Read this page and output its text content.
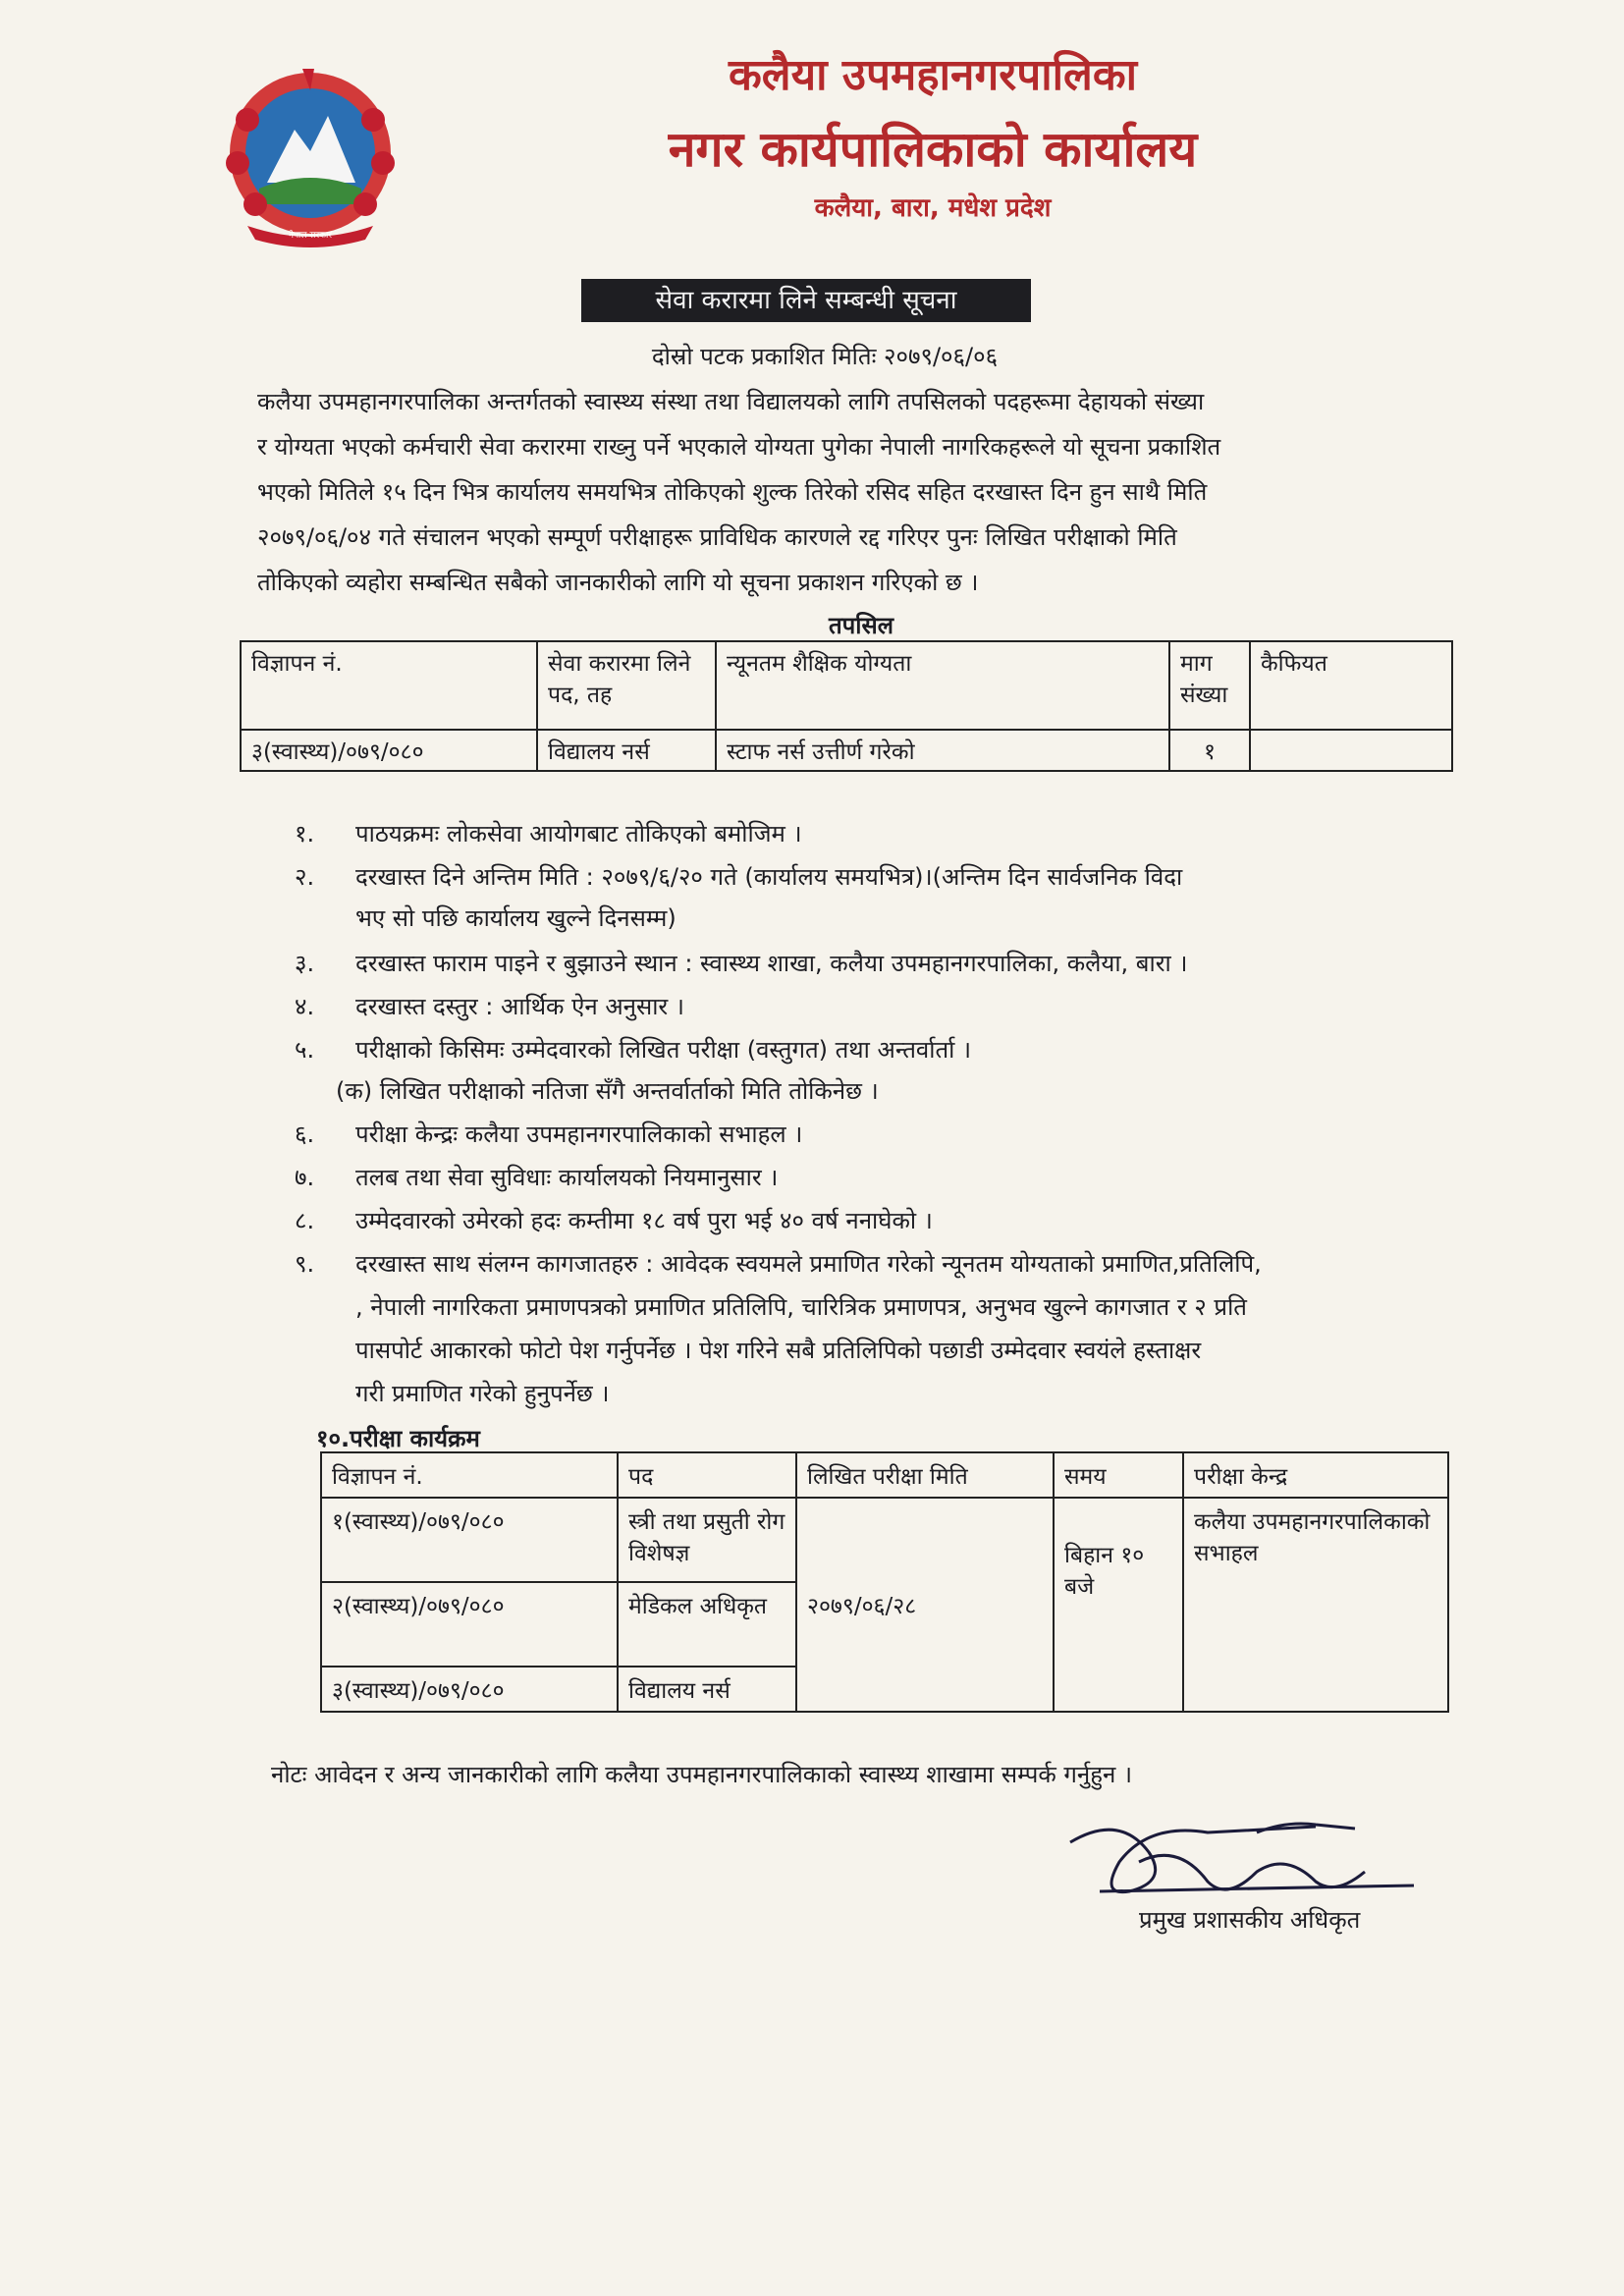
नेपाल सरकार
कलैया उपमहानगरपालिका
नगर कार्यपालिकाको कार्यालय
कलैया, बारा, मधेश प्रदेश
सेवा करारमा लिने सम्बन्धी सूचना
दोस्रो पटक प्रकाशित मितिः २०७९/०६/०६
कलैया उपमहानगरपालिका अन्तर्गतको स्वास्थ्य संस्था तथा विद्यालयको लागि तपसिलको पदहरूमा देहायको संख्या
र योग्यता भएको कर्मचारी सेवा करारमा राख्नु पर्ने भएकाले योग्यता पुगेका नेपाली नागरिकहरूले यो सूचना प्रकाशित
भएको मितिले १५ दिन भित्र कार्यालय समयभित्र तोकिएको शुल्क तिरेको रसिद सहित दरखास्त दिन हुन साथै मिति
२०७९/०६/०४ गते संचालन भएको सम्पूर्ण परीक्षाहरू प्राविधिक कारणले रद्द गरिएर पुनः लिखित परीक्षाको मिति
तोकिएको व्यहोरा सम्बन्धित सबैको जानकारीको लागि यो सूचना प्रकाशन गरिएको छ ।
तपसिल
विज्ञापन नं.	सेवा करारमा लिने पद, तह	न्यूनतम शैक्षिक योग्यता	माग संख्या	कैफियत
३(स्वास्थ्य)/०७९/०८०	विद्यालय नर्स	स्टाफ नर्स उत्तीर्ण गरेको	१	
१. पाठयक्रमः लोकसेवा आयोगबाट तोकिएको बमोजिम ।
२. दरखास्त दिने अन्तिम मिति : २०७९/६/२० गते (कार्यालय समयभित्र)।(अन्तिम दिन सार्वजनिक विदा
भए सो पछि कार्यालय खुल्ने दिनसम्म)
३. दरखास्त फाराम पाइने र बुझाउने स्थान : स्वास्थ्य शाखा, कलैया उपमहानगरपालिका, कलैया, बारा ।
४. दरखास्त दस्तुर : आर्थिक ऐन अनुसार ।
५. परीक्षाको किसिमः उम्मेदवारको लिखित परीक्षा (वस्तुगत) तथा अन्तर्वार्ता ।
(क) लिखित परीक्षाको नतिजा सँगै अन्तर्वार्ताको मिति तोकिनेछ ।
६. परीक्षा केन्द्रः कलैया उपमहानगरपालिकाको सभाहल ।
७. तलब तथा सेवा सुविधाः कार्यालयको नियमानुसार ।
८. उम्मेदवारको उमेरको हदः कम्तीमा १८ वर्ष पुरा भई ४० वर्ष ननाघेको ।
९. दरखास्त साथ संलग्न कागजातहरु : आवेदक स्वयमले प्रमाणित गरेको न्यूनतम योग्यताको प्रमाणित,प्रतिलिपि,
, नेपाली नागरिकता प्रमाणपत्रको प्रमाणित प्रतिलिपि, चारित्रिक प्रमाणपत्र, अनुभव खुल्ने कागजात र २ प्रति
पासपोर्ट आकारको फोटो पेश गर्नुपर्नेछ । पेश गरिने सबै प्रतिलिपिको पछाडी उम्मेदवार स्वयंले हस्ताक्षर
गरी प्रमाणित गरेको हुनुपर्नेछ ।
१०.परीक्षा कार्यक्रम
विज्ञापन नं.	पद	लिखित परीक्षा मिति	समय	परीक्षा केन्द्र
१(स्वास्थ्य)/०७९/०८०	स्त्री तथा प्रसुती रोग विशेषज्ञ	२०७९/०६/२८	बिहान १० बजे	कलैया उपमहानगरपालिकाको सभाहल
२(स्वास्थ्य)/०७९/०८०	मेडिकल अधिकृत			
३(स्वास्थ्य)/०७९/०८०	विद्यालय नर्स			
नोटः आवेदन र अन्य जानकारीको लागि कलैया उपमहानगरपालिकाको स्वास्थ्य शाखामा सम्पर्क गर्नुहुन ।
प्रमुख प्रशासकीय अधिकृत
